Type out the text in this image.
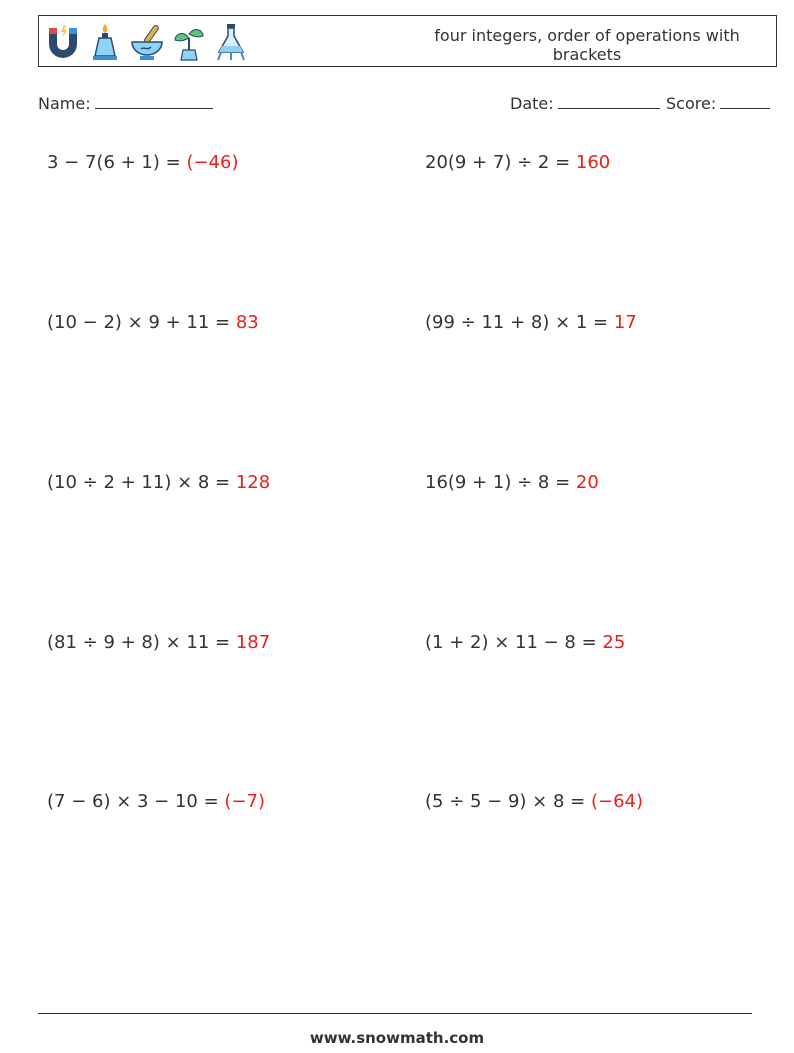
four integers, order of operations with brackets
Name:	Date:	Score:
3 − 7(6 + 1) = (−46)	20(9 + 7) ÷ 2 = 160
(10 − 2) × 9 + 11 = 83	(99 ÷ 11 + 8) × 1 = 17
(10 ÷ 2 + 11) × 8 = 128	16(9 + 1) ÷ 8 = 20
(81 ÷ 9 + 8) × 11 = 187	(1 + 2) × 11 − 8 = 25
(7 − 6) × 3 − 10 = (−7)	(5 ÷ 5 − 9) × 8 = (−64)
www.snowmath.com
